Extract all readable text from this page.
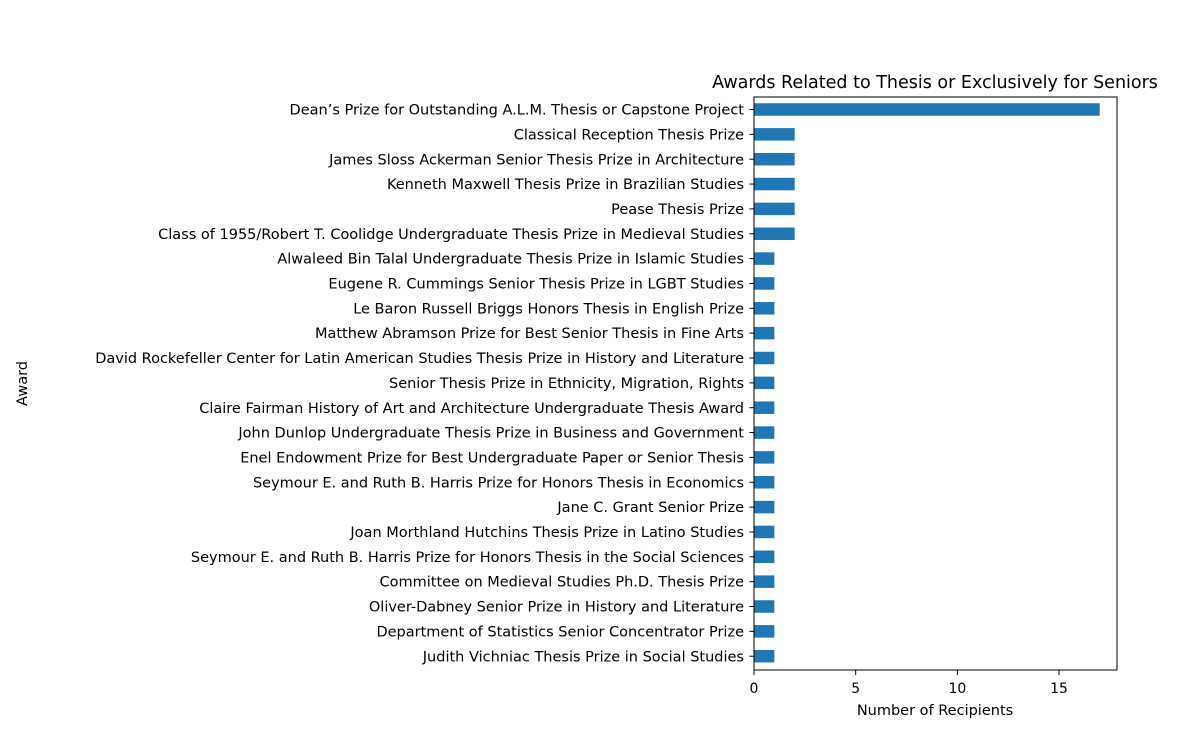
Awards Related to Thesis or Exclusively for Seniors
Dean’s Prize for Outstanding A.L.M. Thesis or Capstone Project
Classical Reception Thesis Prize
James Sloss Ackerman Senior Thesis Prize in Architecture
Kenneth Maxwell Thesis Prize in Brazilian Studies
Pease Thesis Prize
Class of 1955/Robert T. Coolidge Undergraduate Thesis Prize in Medieval Studies
Alwaleed Bin Talal Undergraduate Thesis Prize in Islamic Studies
Eugene R. Cummings Senior Thesis Prize in LGBT Studies
Le Baron Russell Briggs Honors Thesis in English Prize
Matthew Abramson Prize for Best Senior Thesis in Fine Arts
David Rockefeller Center for Latin American Studies Thesis Prize in History and Literature
Senior Thesis Prize in Ethnicity, Migration, Rights
Claire Fairman History of Art and Architecture Undergraduate Thesis Award
John Dunlop Undergraduate Thesis Prize in Business and Government
Enel Endowment Prize for Best Undergraduate Paper or Senior Thesis
Seymour E. and Ruth B. Harris Prize for Honors Thesis in Economics
Jane C. Grant Senior Prize
Joan Morthland Hutchins Thesis Prize in Latino Studies
Seymour E. and Ruth B. Harris Prize for Honors Thesis in the Social Sciences
Committee on Medieval Studies Ph.D. Thesis Prize
Oliver-Dabney Senior Prize in History and Literature
Department of Statistics Senior Concentrator Prize
Judith Vichniac Thesis Prize in Social Studies
0	5	10	15
Number of Recipients
Award
